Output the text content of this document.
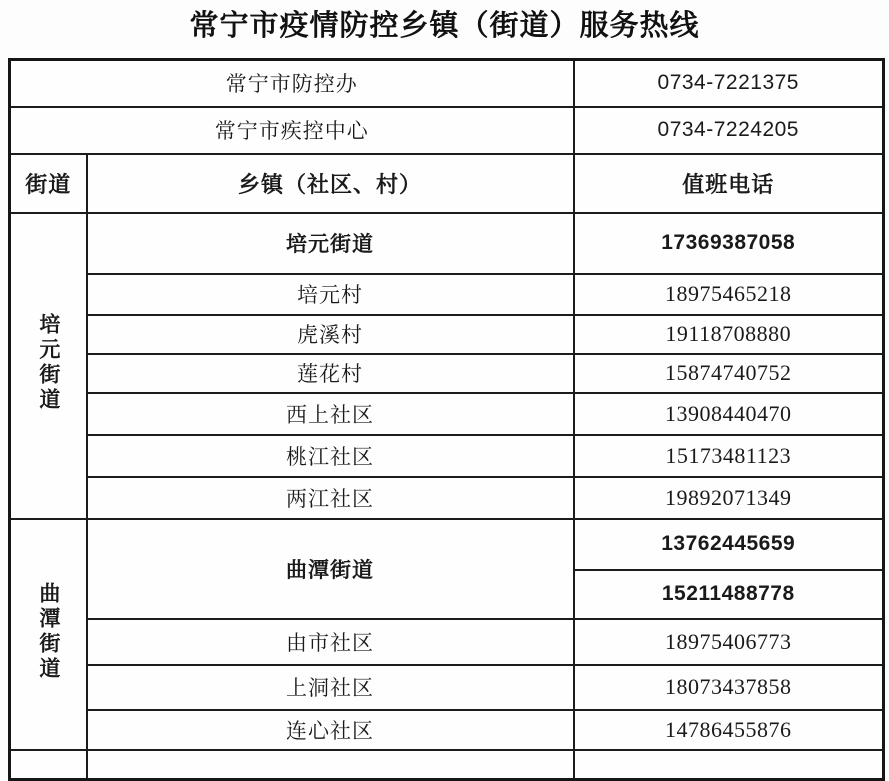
常宁市疫情防控乡镇（街道）服务热线
常宁市防控办		0734-7221375
常宁市疾控中心		0734-7224205
街道	乡镇（社区、村）	值班电话
培元街道	培元街道	17369387058
	培元村	18975465218
	虎溪村	19118708880
	莲花村	15874740752
	西上社区	13908440470
	桃江社区	15173481123
	两江社区	19892071349
曲潭街道	曲潭街道	13762445659
		15211488778
	由市社区	18975406773
	上洞社区	18073437858
	连心社区	14786455876
